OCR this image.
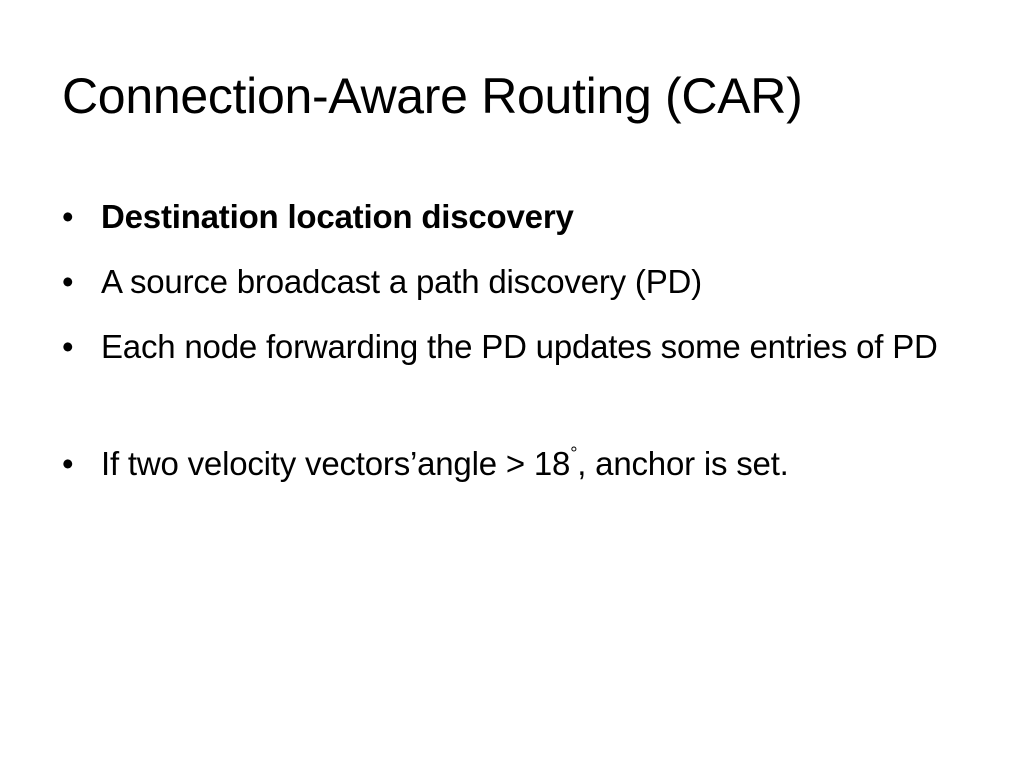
Connection-Aware Routing (CAR)
• Destination location discovery
• A source broadcast a path discovery (PD)
• Each node forwarding the PD updates some entries of PD
• If two velocity vectors’angle > 18°, anchor is set.
